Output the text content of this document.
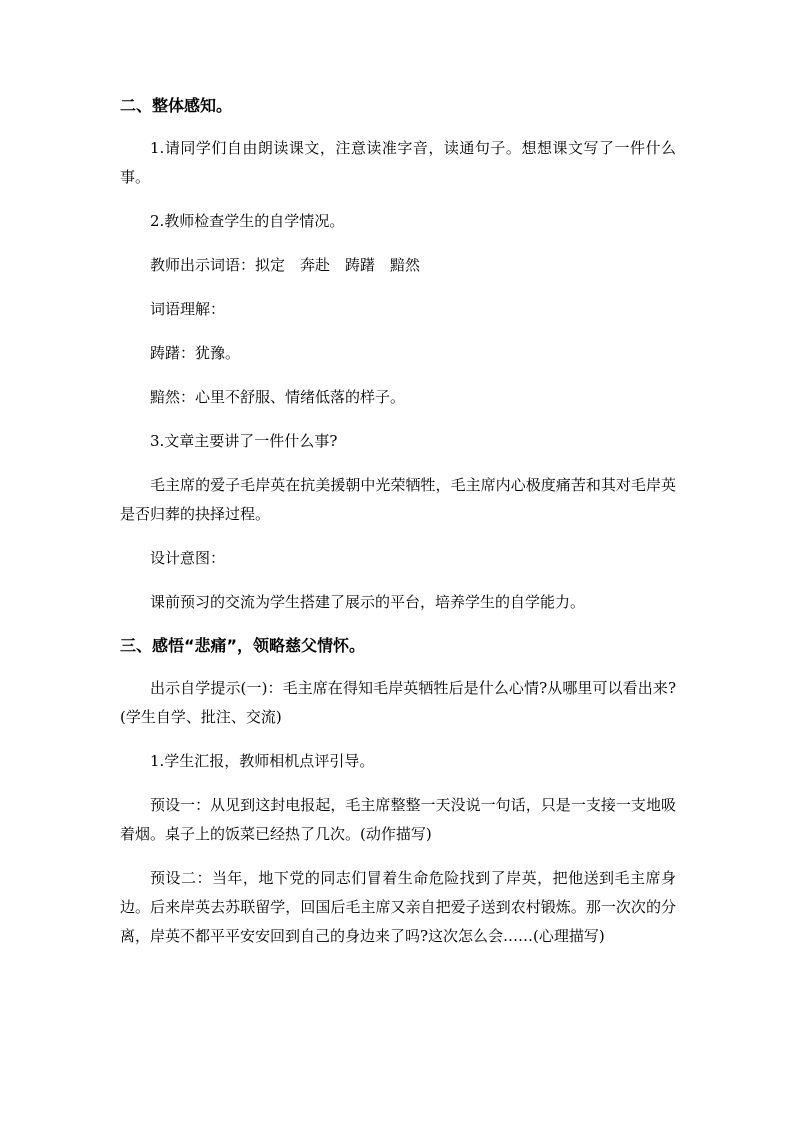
二、整体感知。

1.请同学们自由朗读课文，注意读准字音，读通句子。想想课文写了一件什么事。

2.教师检查学生的自学情况。

教师出示词语：拟定　奔赴　踌躇　黯然

词语理解：

踌躇：犹豫。

黯然：心里不舒服、情绪低落的样子。

3.文章主要讲了一件什么事?

毛主席的爱子毛岸英在抗美援朝中光荣牺牲，毛主席内心极度痛苦和其对毛岸英是否归葬的抉择过程。

设计意图：

课前预习的交流为学生搭建了展示的平台，培养学生的自学能力。

三、感悟“悲痛”，领略慈父情怀。

出示自学提示(一)：毛主席在得知毛岸英牺牲后是什么心情?从哪里可以看出来?(学生自学、批注、交流)

1.学生汇报，教师相机点评引导。

预设一：从见到这封电报起，毛主席整整一天没说一句话，只是一支接一支地吸着烟。桌子上的饭菜已经热了几次。(动作描写)

预设二：当年，地下党的同志们冒着生命危险找到了岸英，把他送到毛主席身边。后来岸英去苏联留学，回国后毛主席又亲自把爱子送到农村锻炼。那一次次的分离，岸英不都平平安安回到自己的身边来了吗?这次怎么会……(心理描写)
